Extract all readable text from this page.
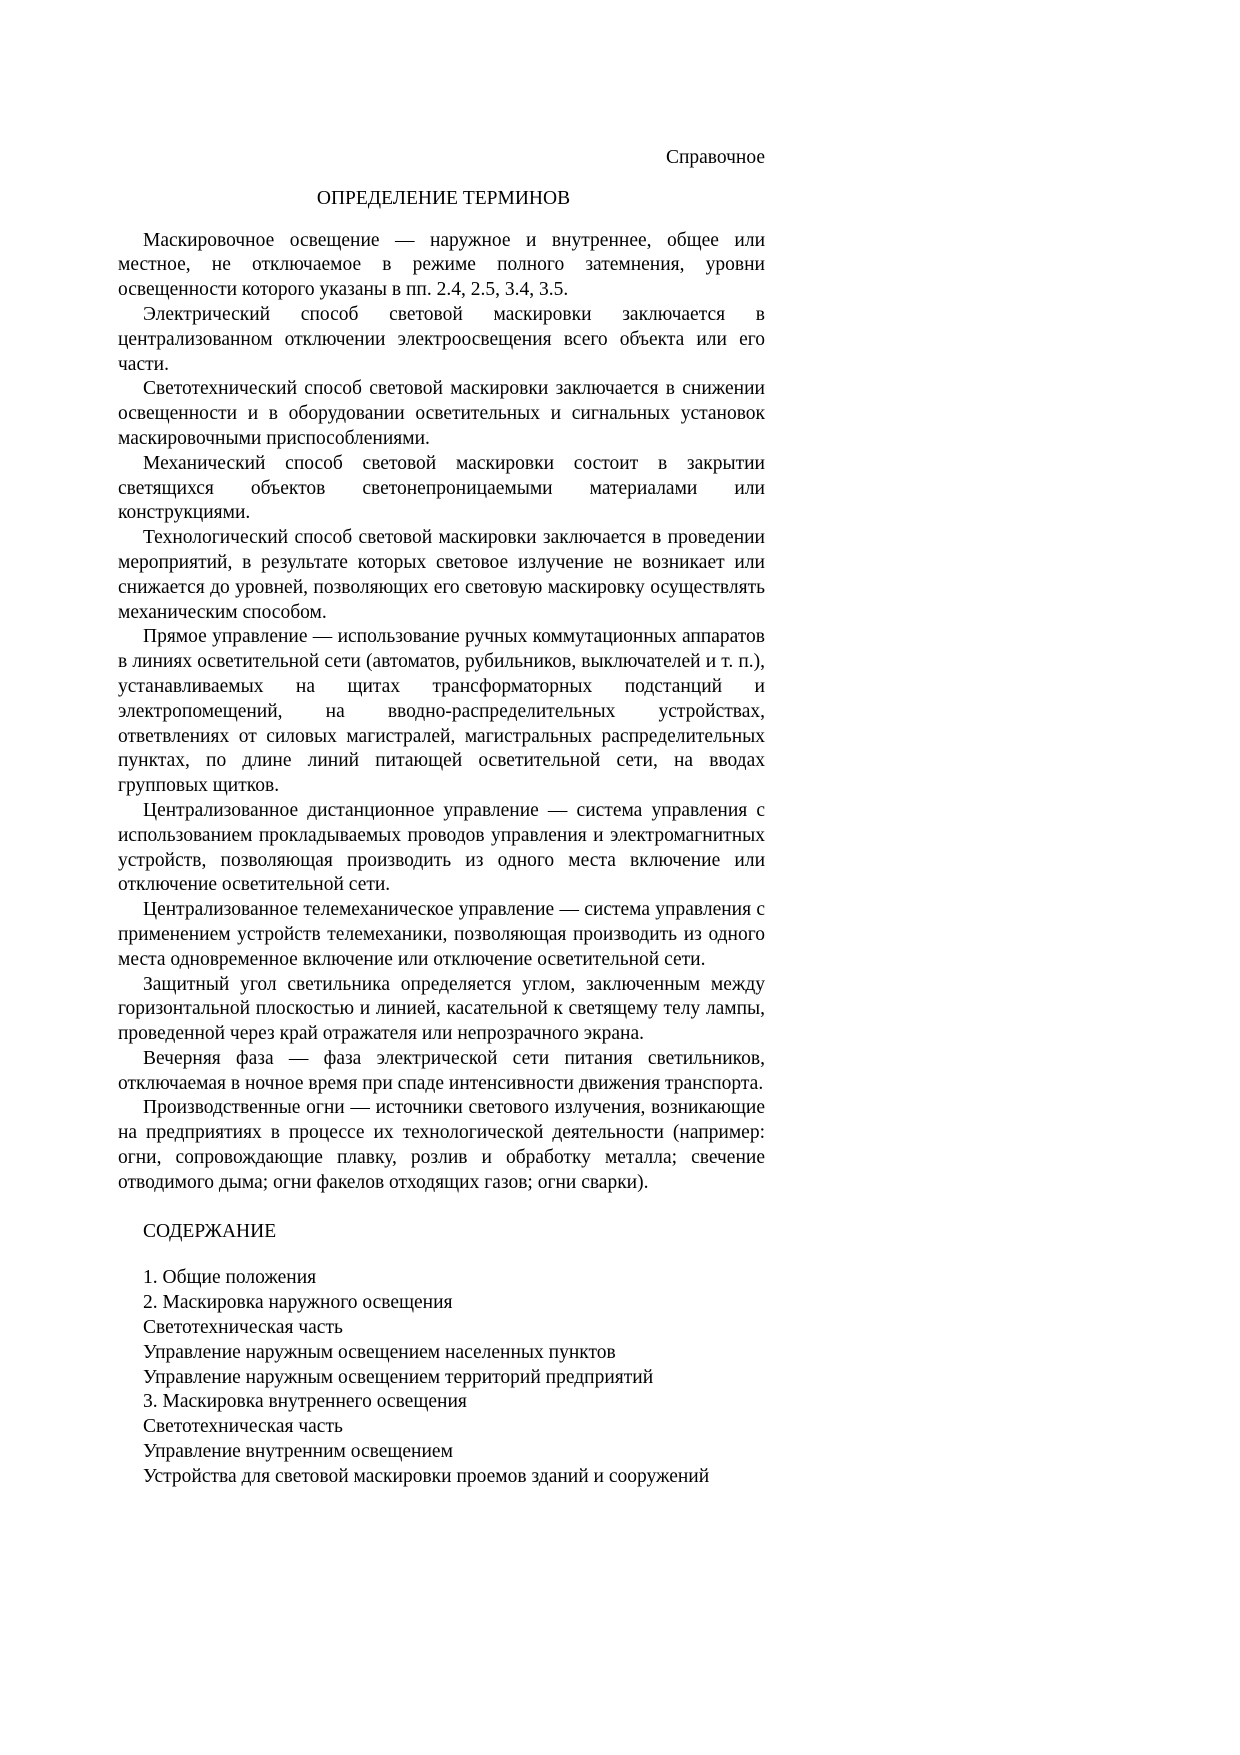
Справочное
ОПРЕДЕЛЕНИЕ ТЕРМИНОВ

Маскировочное освещение — наружное и внутреннее, общее или местное, не отключаемое в режиме полного затемнения, уровни освещенности которого указаны в пп. 2.4, 2.5, 3.4, 3.5.

Электрический способ световой маскировки заключается в централизованном отключении электроосвещения всего объекта или его части.

Светотехнический способ световой маскировки заключается в снижении освещенности и в оборудовании осветительных и сигнальных установок маскировочными приспособлениями.

Механический способ световой маскировки состоит в закрытии светящихся объектов светонепроницаемыми материалами или конструкциями.

Технологический способ световой маскировки заключается в проведении мероприятий, в результате которых световое излучение не возникает или снижается до уровней, позволяющих его световую маскировку осуществлять механическим способом.

Прямое управление — использование ручных коммутационных аппаратов в линиях осветительной сети (автоматов, рубильников, выключателей и т. п.), устанавливаемых на щитах трансформаторных подстанций и электропомещений, на вводно-распределительных устройствах, ответвлениях от силовых магистралей, магистральных распределительных пунктах, по длине линий питающей осветительной сети, на вводах групповых щитков.

Централизованное дистанционное управление — система управления с использованием прокладываемых проводов управления и электромагнитных устройств, позволяющая производить из одного места включение или отключение осветительной сети.

Централизованное телемеханическое управление — система управления с применением устройств телемеханики, позволяющая производить из одного места одновременное включение или отключение осветительной сети.

Защитный угол светильника определяется углом, заключенным между горизонтальной плоскостью и линией, касательной к светящему телу лампы, проведенной через край отражателя или непрозрачного экрана.

Вечерняя фаза — фаза электрической сети питания светильников, отключаемая в ночное время при спаде интенсивности движения транспорта.

Производственные огни — источники светового излучения, возникающие на предприятиях в процессе их технологической деятельности (например: огни, сопровождающие плавку, розлив и обработку металла; свечение отводимого дыма; огни факелов отходящих газов; огни сварки).

СОДЕРЖАНИЕ
1. Общие положения
2. Маскировка наружного освещения
Светотехническая часть
Управление наружным освещением населенных пунктов
Управление наружным освещением территорий предприятий
3. Маскировка внутреннего освещения
Светотехническая часть
Управление внутренним освещением
Устройства для световой маскировки проемов зданий и сооружений
